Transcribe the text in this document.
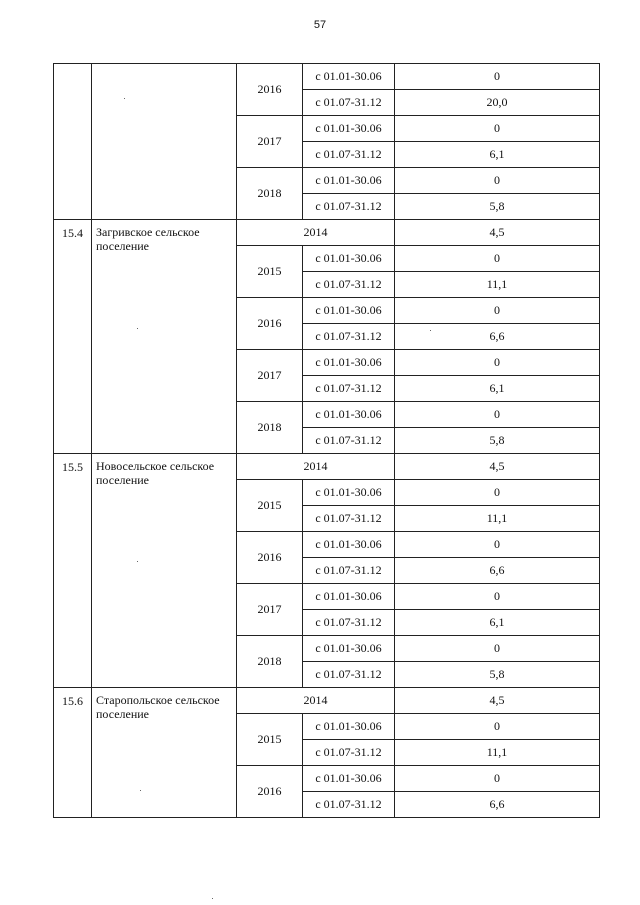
57
		2016	с 01.01-30.06	0
			с 01.07-31.12	20,0
		2017	с 01.01-30.06	0
			с 01.07-31.12	6,1
		2018	с 01.01-30.06	0
			с 01.07-31.12	5,8
15.4	Загривское сельское поселение	2014		4,5
		2015	с 01.01-30.06	0
			с 01.07-31.12	11,1
		2016	с 01.01-30.06	0
			с 01.07-31.12	6,6
		2017	с 01.01-30.06	0
			с 01.07-31.12	6,1
		2018	с 01.01-30.06	0
			с 01.07-31.12	5,8
15.5	Новосельское сельское поселение	2014		4,5
		2015	с 01.01-30.06	0
			с 01.07-31.12	11,1
		2016	с 01.01-30.06	0
			с 01.07-31.12	6,6
		2017	с 01.01-30.06	0
			с 01.07-31.12	6,1
		2018	с 01.01-30.06	0
			с 01.07-31.12	5,8
15.6	Старопольское сельское поселение	2014		4,5
		2015	с 01.01-30.06	0
			с 01.07-31.12	11,1
		2016	с 01.01-30.06	0
			с 01.07-31.12	6,6
